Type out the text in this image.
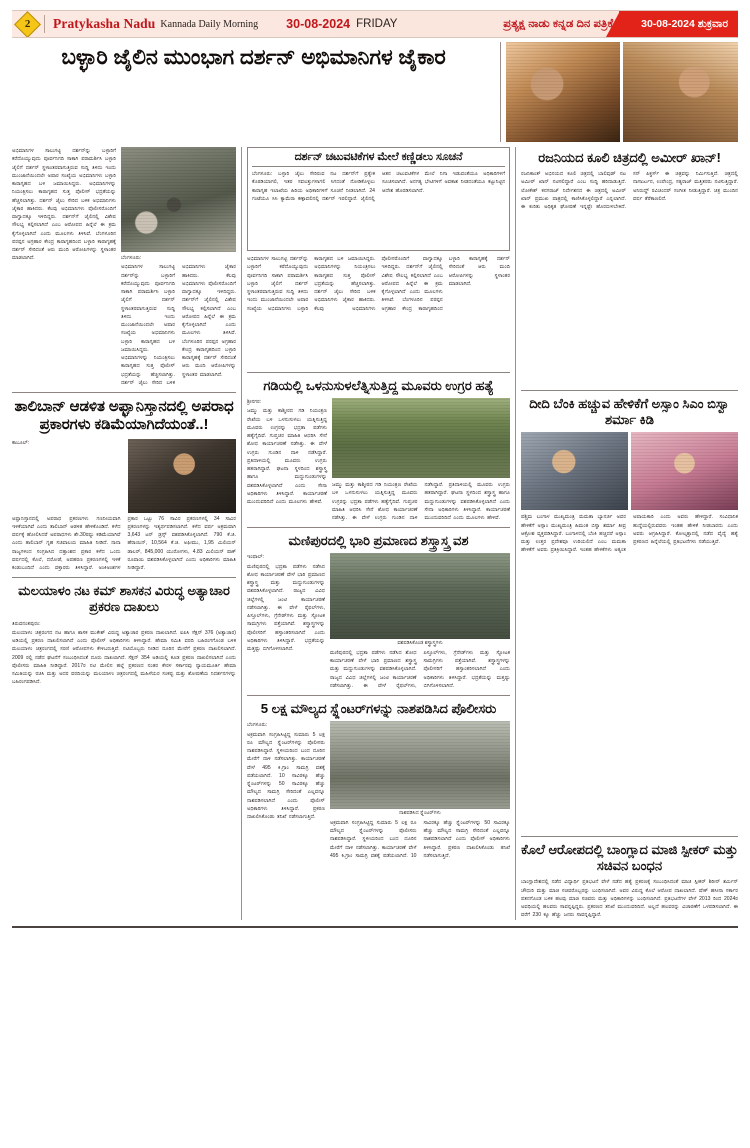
2 Pratykasha Nadu Kannada Daily Morning 30-08-2024 FRIDAY	ಪ್ರತ್ಯಕ್ಷ ನಾಡು ಕನ್ನಡ ದಿನ ಪತ್ರಿಕೆ	30-08-2024 ಶುಕ್ರವಾರ
ಬಳ್ಳಾರಿ ಜೈಲಿನ ಮುಂಭಾಗ ದರ್ಶನ್ ಅಭಿಮಾನಿಗಳ ಜೈಕಾರ
ಅಭಿಮಾನಿಗಳ ಸಾಲುಗಟ್ಟಿ ದರ್ಶನ್‌ನ್ನು ಬಳ್ಳಾರಿಗೆ ಕರೆದೊಯ್ಯುವುದು ಪೂರ್ವನಿಗದಿ ಸಾಕಾಗಿ ಪರಾಮರ್ಶಿಸಿ ಬಳ್ಳಾರಿ ಜೈಲಿಗೆ ದರ್ಶನ್ ಸ್ಥಳಾಂತರವಾಗುತ್ತಿರುವ ಸುದ್ದಿ ತಿಳಿದು ಇಂದು ಮುಂಜಾನೆಯಿಂದಲೇ ಅಪಾರ ಸಂಖ್ಯೆಯ ಅಭಿಮಾನಿಗಳು ಬಳ್ಳಾರಿ ಕಾರಾಗೃಹದ ಬಳಿ ಜಮಾಯಿಸಿದ್ದರು. ಅಭಿಮಾನಿಗಳನ್ನು ನಿಯಂತ್ರಿಸಲು ಕಾರಾಗೃಹದ ಸುತ್ತ ಪೊಲೀಸ್ ಭದ್ರತೆಯನ್ನು ಹೆಚ್ಚಿಸಲಾಗಿತ್ತು. ದರ್ಶನ್ ಜೈಲು ಸೇರಿದ ಬಳಿಕ ಅಭಿಮಾನಿಗಳು ಜೈಕಾರ ಹಾಕಿದರು. ಕೆಲವು ಅಭಿಮಾನಿಗಳು ಪೊಲೀಸರೊಂದಿಗೆ ವಾಗ್ವಾದಕ್ಕೂ ಇಳಿದಿದ್ದರು. ದರ್ಶನ್‌ಗೆ ಜೈಲಿನಲ್ಲಿ ವಿಶೇಷ ಸೌಲಭ್ಯ ಕಲ್ಪಿಸಲಾಗಿದೆ ಎಂಬ ಆರೋಪದ ಹಿನ್ನೆಲೆ ಈ ಕ್ರಮ ಕೈಗೊಳ್ಳಲಾಗಿದೆ ಎಂದು ಮೂಲಗಳು ತಿಳಿಸಿವೆ. ಬೆಂಗಳೂರಿನ ಪರಪ್ಪನ ಅಗ್ರಹಾರ ಕೇಂದ್ರ ಕಾರಾಗೃಹದಿಂದ ಬಳ್ಳಾರಿ ಕಾರಾಗೃಹಕ್ಕೆ ದರ್ಶನ್ ಸೇರಿದಂತೆ ಆರು ಮಂದಿ ಆರೋಪಿಗಳನ್ನು ಸ್ಥಳಾಂತರ ಮಾಡಲಾಗಿದೆ.	ಬೆಂಗಳೂರು:
ಅಭಿಮಾನಿಗಳ ಸಾಲುಗಟ್ಟಿ ದರ್ಶನ್‌ನ್ನು ಬಳ್ಳಾರಿಗೆ ಕರೆದೊಯ್ಯುವುದು ಪೂರ್ವನಿಗದಿ ಸಾಕಾಗಿ ಪರಾಮರ್ಶಿಸಿ ಬಳ್ಳಾರಿ ಜೈಲಿಗೆ ದರ್ಶನ್ ಸ್ಥಳಾಂತರವಾಗುತ್ತಿರುವ ಸುದ್ದಿ ತಿಳಿದು ಇಂದು ಮುಂಜಾನೆಯಿಂದಲೇ ಅಪಾರ ಸಂಖ್ಯೆಯ ಅಭಿಮಾನಿಗಳು ಬಳ್ಳಾರಿ ಕಾರಾಗೃಹದ ಬಳಿ ಜಮಾಯಿಸಿದ್ದರು. ಅಭಿಮಾನಿಗಳನ್ನು ನಿಯಂತ್ರಿಸಲು ಕಾರಾಗೃಹದ ಸುತ್ತ ಪೊಲೀಸ್ ಭದ್ರತೆಯನ್ನು ಹೆಚ್ಚಿಸಲಾಗಿತ್ತು. ದರ್ಶನ್ ಜೈಲು ಸೇರಿದ ಬಳಿಕ ಅಭಿಮಾನಿಗಳು ಜೈಕಾರ ಹಾಕಿದರು. ಕೆಲವು ಅಭಿಮಾನಿಗಳು ಪೊಲೀಸರೊಂದಿಗೆ ವಾಗ್ವಾದಕ್ಕೂ ಇಳಿದಿದ್ದರು. ದರ್ಶನ್‌ಗೆ ಜೈಲಿನಲ್ಲಿ ವಿಶೇಷ ಸೌಲಭ್ಯ ಕಲ್ಪಿಸಲಾಗಿದೆ ಎಂಬ ಆರೋಪದ ಹಿನ್ನೆಲೆ ಈ ಕ್ರಮ ಕೈಗೊಳ್ಳಲಾಗಿದೆ ಎಂದು ಮೂಲಗಳು ತಿಳಿಸಿವೆ. ಬೆಂಗಳೂರಿನ ಪರಪ್ಪನ ಅಗ್ರಹಾರ ಕೇಂದ್ರ ಕಾರಾಗೃಹದಿಂದ ಬಳ್ಳಾರಿ ಕಾರಾಗೃಹಕ್ಕೆ ದರ್ಶನ್ ಸೇರಿದಂತೆ ಆರು ಮಂದಿ ಆರೋಪಿಗಳನ್ನು ಸ್ಥಳಾಂತರ ಮಾಡಲಾಗಿದೆ.
ತಾಲಿಬಾನ್ ಆಡಳಿತ ಅಫ್ಘಾನಿಸ್ತಾನದಲ್ಲಿ ಅಪರಾಧ ಪ್ರಕಾರಗಳು ಕಡಿಮೆಯಾಗಿದೆಯಂತೆ..!
ಕಾಬೂಲ್:
ಅಫ್ಘಾನಿಸ್ತಾನದಲ್ಲಿ ಅಪರಾಧ ಪ್ರಕರಣಗಳು ಗಣನೀಯವಾಗಿ ಇಳಿಕೆಯಾಗಿವೆ ಎಂದು ತಾಲಿಬಾನ್ ಆಡಳಿತ ಹೇಳಿಕೊಂಡಿದೆ. ಕಳೆದ ವರ್ಷಕ್ಕೆ ಹೋಲಿಸಿದರೆ ಅಪರಾಧಗಳು ಶೇ.30ರಷ್ಟು ಕಡಿಮೆಯಾಗಿವೆ ಎಂದು ತಾಲಿಬಾನ್ ಗೃಹ ಸಚಿವಾಲಯ ಮಾಹಿತಿ ನೀಡಿದೆ. ನಾನಾ ರಾಜ್ಯಗಳಿಂದ ಸಂಗ್ರಹಿಸಿದ ದತ್ತಾಂಶದ ಪ್ರಕಾರ ಕಳೆದ ಒಂದು ವರ್ಷದಲ್ಲಿ ಕೊಲೆ, ದರೋಡೆ, ಅಪಹರಣ ಪ್ರಕರಣಗಳಲ್ಲಿ ಇಳಿಕೆ ಕಂಡುಬಂದಿದೆ ಎಂದು ವಕ್ತಾರರು ತಿಳಿಸಿದ್ದಾರೆ. ಅಂಕಿಅಂಶಗಳ ಪ್ರಕಾರ ಒಟ್ಟು 76 ಸಾವಿರ ಪ್ರಕರಣಗಳಲ್ಲಿ 34 ಸಾವಿರ ಪ್ರಕರಣಗಳನ್ನು ಇತ್ಯರ್ಥಪಡಿಸಲಾಗಿದೆ. ಕಳೆದ ವರ್ಷ ಅಕ್ರಮವಾಗಿ 3,643 ಟನ್ ಡ್ರಗ್ಸ್ ವಶಪಡಿಸಿಕೊಳ್ಳಲಾಗಿದೆ. 790 ಕೆ.ಜಿ. ಹೆರಾಯಿನ್, 10,564 ಕೆ.ಜಿ. ಅಫೀಮು, 1,95 ಮಿಲಿಯನ್ ಡಾಲರ್, 845,000 ಯುರೋಗಳು, 4.83 ಮಿಲಿಯನ್ ಪಾಕ್ ರೂಪಾಯಿ ವಶಪಡಿಸಿಕೊಳ್ಳಲಾಗಿದೆ ಎಂದು ಅಧಿಕಾರಿಗಳು ಮಾಹಿತಿ ನೀಡಿದ್ದಾರೆ.
ಮಲಯಾಳಂ ನಟ ಕಮ್ ಶಾಸಕನ ವಿರುದ್ಧ ಅತ್ಯಾಚಾರ ಪ್ರಕರಣ ದಾಖಲು
ತಿರುವನಂತಪುರಂ:
ಮಲಯಾಳಂ ಚಿತ್ರರಂಗದ ನಟ ಹಾಗೂ ಶಾಸಕ ಮುಕೇಶ್ ವಿರುದ್ಧ ಅತ್ಯಾಚಾರ ಪ್ರಕರಣ ದಾಖಲಾಗಿದೆ. ಐಪಿಸಿ ಸೆಕ್ಷನ್ 376 (ಅತ್ಯಾಚಾರ) ಅಡಿಯಲ್ಲಿ ಪ್ರಕರಣ ದಾಖಲಿಸಲಾಗಿದೆ ಎಂದು ಪೊಲೀಸ್ ಅಧಿಕಾರಿಗಳು ತಿಳಿಸಿದ್ದಾರೆ. ಹೇಮಾ ಸಮಿತಿ ವರದಿ ಬಹಿರಂಗಗೊಂಡ ಬಳಿಕ ಮಲಯಾಳಂ ಚಿತ್ರರಂಗದಲ್ಲಿ ಸರಣಿ ಆರೋಪಗಳು ಕೇಳಿಬರುತ್ತಿವೆ. ನಟಿಯೊಬ್ಬರು ನೀಡಿದ ದೂರಿನ ಮೇರೆಗೆ ಪ್ರಕರಣ ದಾಖಲಿಸಲಾಗಿದೆ. 2009 ರಲ್ಲಿ ನಡೆದ ಘಟನೆಗೆ ಸಂಬಂಧಿಸಿದಂತೆ ದೂರು ದಾಖಲಾಗಿದೆ. ಸೆಕ್ಷನ್ 354 ಅಡಿಯಲ್ಲಿ ಕೂಡ ಪ್ರಕರಣ ದಾಖಲಿಸಲಾಗಿದೆ ಎಂದು ಪೊಲೀಸರು ಮಾಹಿತಿ ನೀಡಿದ್ದಾರೆ. 2017ರ ನಟಿ ಮೇಲಿನ ಹಲ್ಲೆ ಪ್ರಕರಣದ ನಂತರ ಕೇರಳ ಸರ್ಕಾರವು ನ್ಯಾಯಮೂರ್ತಿ ಹೇಮಾ ಸಮಿತಿಯನ್ನು ರಚಿಸಿ ಮತ್ತು ಅದರ ವರದಿಯನ್ನು ಮಲಯಾಳಂ ಚಿತ್ರರಂಗದಲ್ಲಿ ಮಹಿಳೆಯರ ಸಂಕಷ್ಟ ಮತ್ತು ಶೋಷಣೆಯ ನಿದರ್ಶನಗಳನ್ನು ಬಹಿರಂಗಪಡಿಸಿದೆ.
ದರ್ಶನ್ ಚಟುವಟಿಕೆಗಳ ಮೇಲೆ ಕಣ್ಣಿಡಲು ಸೂಚನೆ
ಬೆಂಗಳೂರು: ಬಳ್ಳಾರಿ ಜೈಲು ಸೇರಿರುವ ನಟ ದರ್ಶನ್‌ಗೆ ಪ್ರತ್ಯೇಕ ಕೊಠಡಿಯಾಗಲಿ, ಇತರ ಸವಲತ್ತುಗಳಾಗಲಿ ಸಿಗದಂತೆ ನೋಡಿಕೊಳ್ಳಲು ಕಾರಾಗೃಹ ಇಲಾಖೆಯ ಹಿರಿಯ ಅಧಿಕಾರಿಗಳಿಗೆ ಸೂಚನೆ ನೀಡಲಾಗಿದೆ. 24 ಗಂಟೆಯೂ ಸಿಸಿ ಕ್ಯಾಮೆರಾ ಕಣ್ಗಾವಲಿನಲ್ಲಿ ದರ್ಶನ್ ಇರಲಿದ್ದಾರೆ. ಜೈಲಿನಲ್ಲಿ ಆತನ ಚಟುವಟಿಕೆಗಳ ಮೇಲೆ ನಿಗಾ ಇಡುವಂತೆಯೂ ಅಧಿಕಾರಿಗಳಿಗೆ ಸೂಚಿಸಲಾಗಿದೆ. ಅನಗತ್ಯ ಭೇಟಿಗಳಿಗೆ ಅವಕಾಶ ನೀಡದಂತೆಯೂ ಕಟ್ಟುನಿಟ್ಟಿನ ಆದೇಶ ಹೊರಡಿಸಲಾಗಿದೆ.
ಅಭಿಮಾನಿಗಳ ಸಾಲುಗಟ್ಟಿ ದರ್ಶನ್‌ನ್ನು ಬಳ್ಳಾರಿಗೆ ಕರೆದೊಯ್ಯುವುದು ಪೂರ್ವನಿಗದಿ ಸಾಕಾಗಿ ಪರಾಮರ್ಶಿಸಿ ಬಳ್ಳಾರಿ ಜೈಲಿಗೆ ದರ್ಶನ್ ಸ್ಥಳಾಂತರವಾಗುತ್ತಿರುವ ಸುದ್ದಿ ತಿಳಿದು ಇಂದು ಮುಂಜಾನೆಯಿಂದಲೇ ಅಪಾರ ಸಂಖ್ಯೆಯ ಅಭಿಮಾನಿಗಳು ಬಳ್ಳಾರಿ ಕಾರಾಗೃಹದ ಬಳಿ ಜಮಾಯಿಸಿದ್ದರು. ಅಭಿಮಾನಿಗಳನ್ನು ನಿಯಂತ್ರಿಸಲು ಕಾರಾಗೃಹದ ಸುತ್ತ ಪೊಲೀಸ್ ಭದ್ರತೆಯನ್ನು ಹೆಚ್ಚಿಸಲಾಗಿತ್ತು. ದರ್ಶನ್ ಜೈಲು ಸೇರಿದ ಬಳಿಕ ಅಭಿಮಾನಿಗಳು ಜೈಕಾರ ಹಾಕಿದರು. ಕೆಲವು ಅಭಿಮಾನಿಗಳು ಪೊಲೀಸರೊಂದಿಗೆ ವಾಗ್ವಾದಕ್ಕೂ ಇಳಿದಿದ್ದರು. ದರ್ಶನ್‌ಗೆ ಜೈಲಿನಲ್ಲಿ ವಿಶೇಷ ಸೌಲಭ್ಯ ಕಲ್ಪಿಸಲಾಗಿದೆ ಎಂಬ ಆರೋಪದ ಹಿನ್ನೆಲೆ ಈ ಕ್ರಮ ಕೈಗೊಳ್ಳಲಾಗಿದೆ ಎಂದು ಮೂಲಗಳು ತಿಳಿಸಿವೆ. ಬೆಂಗಳೂರಿನ ಪರಪ್ಪನ ಅಗ್ರಹಾರ ಕೇಂದ್ರ ಕಾರಾಗೃಹದಿಂದ ಬಳ್ಳಾರಿ ಕಾರಾಗೃಹಕ್ಕೆ ದರ್ಶನ್ ಸೇರಿದಂತೆ ಆರು ಮಂದಿ ಆರೋಪಿಗಳನ್ನು ಸ್ಥಳಾಂತರ ಮಾಡಲಾಗಿದೆ.
ಗಡಿಯಲ್ಲಿ ಒಳನುಸುಳಲೆತ್ನಿಸುತ್ತಿದ್ದ ಮೂವರು ಉಗ್ರರ ಹತ್ಯೆ
ಶ್ರೀನಗರ:
ಜಮ್ಮು ಮತ್ತು ಕಾಶ್ಮೀರದ ಗಡಿ ನಿಯಂತ್ರಣ ರೇಖೆಯ ಬಳಿ ಒಳನುಸುಳಲು ಯತ್ನಿಸುತ್ತಿದ್ದ ಮೂವರು ಉಗ್ರರನ್ನು ಭದ್ರತಾ ಪಡೆಗಳು ಹತ್ಯೆಗೈದಿವೆ. ಗುಪ್ತಚರ ಮಾಹಿತಿ ಆಧರಿಸಿ ಸೇನೆ ಶೋಧ ಕಾರ್ಯಾಚರಣೆ ನಡೆಸಿತ್ತು. ಈ ವೇಳೆ ಉಗ್ರರು ಗುಂಡಿನ ದಾಳಿ ನಡೆಸಿದ್ದಾರೆ. ಪ್ರತಿದಾಳಿಯಲ್ಲಿ ಮೂವರು ಉಗ್ರರು ಹತರಾಗಿದ್ದಾರೆ. ಘಟನಾ ಸ್ಥಳದಿಂದ ಶಸ್ತ್ರಾಸ್ತ್ರ ಹಾಗೂ ಮದ್ದುಗುಂಡುಗಳನ್ನು ವಶಪಡಿಸಿಕೊಳ್ಳಲಾಗಿದೆ ಎಂದು ಸೇನಾ ಅಧಿಕಾರಿಗಳು ತಿಳಿಸಿದ್ದಾರೆ. ಕಾರ್ಯಾಚರಣೆ ಮುಂದುವರಿದಿದೆ ಎಂದು ಮೂಲಗಳು ಹೇಳಿವೆ.
ಜಮ್ಮು ಮತ್ತು ಕಾಶ್ಮೀರದ ಗಡಿ ನಿಯಂತ್ರಣ ರೇಖೆಯ ಬಳಿ ಒಳನುಸುಳಲು ಯತ್ನಿಸುತ್ತಿದ್ದ ಮೂವರು ಉಗ್ರರನ್ನು ಭದ್ರತಾ ಪಡೆಗಳು ಹತ್ಯೆಗೈದಿವೆ. ಗುಪ್ತಚರ ಮಾಹಿತಿ ಆಧರಿಸಿ ಸೇನೆ ಶೋಧ ಕಾರ್ಯಾಚರಣೆ ನಡೆಸಿತ್ತು. ಈ ವೇಳೆ ಉಗ್ರರು ಗುಂಡಿನ ದಾಳಿ ನಡೆಸಿದ್ದಾರೆ. ಪ್ರತಿದಾಳಿಯಲ್ಲಿ ಮೂವರು ಉಗ್ರರು ಹತರಾಗಿದ್ದಾರೆ. ಘಟನಾ ಸ್ಥಳದಿಂದ ಶಸ್ತ್ರಾಸ್ತ್ರ ಹಾಗೂ ಮದ್ದುಗುಂಡುಗಳನ್ನು ವಶಪಡಿಸಿಕೊಳ್ಳಲಾಗಿದೆ ಎಂದು ಸೇನಾ ಅಧಿಕಾರಿಗಳು ತಿಳಿಸಿದ್ದಾರೆ. ಕಾರ್ಯಾಚರಣೆ ಮುಂದುವರಿದಿದೆ ಎಂದು ಮೂಲಗಳು ಹೇಳಿವೆ.
ಮಣಿಪುರದಲ್ಲಿ ಭಾರಿ ಪ್ರಮಾಣದ ಶಸ್ತ್ರಾಸ್ತ್ರ ವಶ
ಇಂಫಾಲ್:
ಮಣಿಪುರದಲ್ಲಿ ಭದ್ರತಾ ಪಡೆಗಳು ನಡೆಸಿದ ಶೋಧ ಕಾರ್ಯಾಚರಣೆ ವೇಳೆ ಭಾರಿ ಪ್ರಮಾಣದ ಶಸ್ತ್ರಾಸ್ತ್ರ ಮತ್ತು ಮದ್ದುಗುಂಡುಗಳನ್ನು ವಶಪಡಿಸಿಕೊಳ್ಳಲಾಗಿದೆ. ರಾಜ್ಯದ ವಿವಿಧ ಜಿಲ್ಲೆಗಳಲ್ಲಿ ಜಂಟಿ ಕಾರ್ಯಾಚರಣೆ ನಡೆಸಲಾಗಿತ್ತು. ಈ ವೇಳೆ ರೈಫಲ್‌ಗಳು, ಪಿಸ್ತೂಲ್‌ಗಳು, ಗ್ರೆನೇಡ್‌ಗಳು ಮತ್ತು ಸ್ಫೋಟಕ ಸಾಮಗ್ರಿಗಳು ಪತ್ತೆಯಾಗಿವೆ. ಶಸ್ತ್ರಾಸ್ತ್ರಗಳನ್ನು ಪೊಲೀಸರಿಗೆ ಹಸ್ತಾಂತರಿಸಲಾಗಿದೆ ಎಂದು ಅಧಿಕಾರಿಗಳು ತಿಳಿಸಿದ್ದಾರೆ. ಭದ್ರತೆಯನ್ನು ಮತ್ತಷ್ಟು ಬಿಗಿಗೊಳಿಸಲಾಗಿದೆ.
ವಶಪಡಿಸಿಕೊಂಡ ಶಸ್ತ್ರಾಸ್ತ್ರಗಳು
ಮಣಿಪುರದಲ್ಲಿ ಭದ್ರತಾ ಪಡೆಗಳು ನಡೆಸಿದ ಶೋಧ ಕಾರ್ಯಾಚರಣೆ ವೇಳೆ ಭಾರಿ ಪ್ರಮಾಣದ ಶಸ್ತ್ರಾಸ್ತ್ರ ಮತ್ತು ಮದ್ದುಗುಂಡುಗಳನ್ನು ವಶಪಡಿಸಿಕೊಳ್ಳಲಾಗಿದೆ. ರಾಜ್ಯದ ವಿವಿಧ ಜಿಲ್ಲೆಗಳಲ್ಲಿ ಜಂಟಿ ಕಾರ್ಯಾಚರಣೆ ನಡೆಸಲಾಗಿತ್ತು. ಈ ವೇಳೆ ರೈಫಲ್‌ಗಳು, ಪಿಸ್ತೂಲ್‌ಗಳು, ಗ್ರೆನೇಡ್‌ಗಳು ಮತ್ತು ಸ್ಫೋಟಕ ಸಾಮಗ್ರಿಗಳು ಪತ್ತೆಯಾಗಿವೆ. ಶಸ್ತ್ರಾಸ್ತ್ರಗಳನ್ನು ಪೊಲೀಸರಿಗೆ ಹಸ್ತಾಂತರಿಸಲಾಗಿದೆ ಎಂದು ಅಧಿಕಾರಿಗಳು ತಿಳಿಸಿದ್ದಾರೆ. ಭದ್ರತೆಯನ್ನು ಮತ್ತಷ್ಟು ಬಿಗಿಗೊಳಿಸಲಾಗಿದೆ.
5 ಲಕ್ಷ ಮೌಲ್ಯದ ಸ್ಪ್ಲೆಂಟರ್‌ಗಳನ್ನು ನಾಶಪಡಿಸಿದ ಪೊಲೀಸರು
ಬೆಂಗಳೂರು:
ಅಕ್ರಮವಾಗಿ ಸಂಗ್ರಹಿಸಿಟ್ಟಿದ್ದ ಸುಮಾರು 5 ಲಕ್ಷ ರೂ ಮೌಲ್ಯದ ಸ್ಪ್ಲೆಂಟರ್‌ಗಳನ್ನು ಪೊಲೀಸರು ನಾಶಪಡಿಸಿದ್ದಾರೆ. ಸ್ಥಳೀಯರಿಂದ ಬಂದ ದೂರಿನ ಮೇರೆಗೆ ದಾಳಿ ನಡೆಸಲಾಗಿತ್ತು. ಕಾರ್ಯಾಚರಣೆ ವೇಳೆ 495 ಕಿ.ಗ್ರಾಂ ಸಾಮಗ್ರಿ ವಶಕ್ಕೆ ಪಡೆಯಲಾಗಿದೆ. 10 ಸಾವಿರಕ್ಕೂ ಹೆಚ್ಚು ಸ್ಪ್ಲೆಂಟರ್‌ಗಳನ್ನು 50 ಸಾವಿರಕ್ಕೂ ಹೆಚ್ಚು ಮೌಲ್ಯದ ಸಾಮಗ್ರಿ ಸೇರಿದಂತೆ ಎಲ್ಲವನ್ನೂ ನಾಶಪಡಿಸಲಾಗಿದೆ ಎಂದು ಪೊಲೀಸ್ ಅಧಿಕಾರಿಗಳು ತಿಳಿಸಿದ್ದಾರೆ. ಪ್ರಕರಣ ದಾಖಲಿಸಿಕೊಂಡು ತನಿಖೆ ನಡೆಸಲಾಗುತ್ತಿದೆ.
ನಾಶಪಡಿಸಿದ ಸ್ಪ್ಲೆಂಟರ್‌ಗಳು
ಅಕ್ರಮವಾಗಿ ಸಂಗ್ರಹಿಸಿಟ್ಟಿದ್ದ ಸುಮಾರು 5 ಲಕ್ಷ ರೂ ಮೌಲ್ಯದ ಸ್ಪ್ಲೆಂಟರ್‌ಗಳನ್ನು ಪೊಲೀಸರು ನಾಶಪಡಿಸಿದ್ದಾರೆ. ಸ್ಥಳೀಯರಿಂದ ಬಂದ ದೂರಿನ ಮೇರೆಗೆ ದಾಳಿ ನಡೆಸಲಾಗಿತ್ತು. ಕಾರ್ಯಾಚರಣೆ ವೇಳೆ 495 ಕಿ.ಗ್ರಾಂ ಸಾಮಗ್ರಿ ವಶಕ್ಕೆ ಪಡೆಯಲಾಗಿದೆ. 10 ಸಾವಿರಕ್ಕೂ ಹೆಚ್ಚು ಸ್ಪ್ಲೆಂಟರ್‌ಗಳನ್ನು 50 ಸಾವಿರಕ್ಕೂ ಹೆಚ್ಚು ಮೌಲ್ಯದ ಸಾಮಗ್ರಿ ಸೇರಿದಂತೆ ಎಲ್ಲವನ್ನೂ ನಾಶಪಡಿಸಲಾಗಿದೆ ಎಂದು ಪೊಲೀಸ್ ಅಧಿಕಾರಿಗಳು ತಿಳಿಸಿದ್ದಾರೆ. ಪ್ರಕರಣ ದಾಖಲಿಸಿಕೊಂಡು ತನಿಖೆ ನಡೆಸಲಾಗುತ್ತಿದೆ.
ರಜನಿಯದ ಕೂಲಿ ಚಿತ್ರದಲ್ಲಿ ಅಮೀರ್ ಖಾನ್!
ರಜನಿಕಾಂತ್ ಅಭಿನಯದ ಕೂಲಿ ಚಿತ್ರದಲ್ಲಿ ಬಾಲಿವುಡ್ ನಟ ಅಮೀರ್ ಖಾನ್ ನಟಿಸಲಿದ್ದಾರೆ ಎಂಬ ಸುದ್ದಿ ಹರಿದಾಡುತ್ತಿದೆ. ಲೋಕೇಶ್ ಕನಗರಾಜ್ ನಿರ್ದೇಶನದ ಈ ಚಿತ್ರದಲ್ಲಿ ಅಮೀರ್ ಖಾನ್ ಪ್ರಮುಖ ಪಾತ್ರದಲ್ಲಿ ಕಾಣಿಸಿಕೊಳ್ಳಲಿದ್ದಾರೆ ಎನ್ನಲಾಗಿದೆ. ಈ ಕುರಿತು ಅಧಿಕೃತ ಘೋಷಣೆ ಇನ್ನಷ್ಟೇ ಹೊರಬೀಳಬೇಕಿದೆ. ಸನ್ ಪಿಕ್ಚರ್ಸ್ ಈ ಚಿತ್ರವನ್ನು ನಿರ್ಮಿಸುತ್ತಿದೆ. ಚಿತ್ರದಲ್ಲಿ ನಾಗಾರ್ಜುನ, ಉಪೇಂದ್ರ, ಸತ್ಯರಾಜ್ ಮತ್ತಿತರರು ನಟಿಸುತ್ತಿದ್ದಾರೆ. ಅನಿರುದ್ಧ್ ರವಿಚಂದರ್ ಸಂಗೀತ ನೀಡುತ್ತಿದ್ದಾರೆ. ಚಿತ್ರ ಮುಂದಿನ ವರ್ಷ ತೆರೆಕಾಣಲಿದೆ.
ದೀದಿ ಬೆಂಕಿ ಹಚ್ಚುವ ಹೇಳಿಕೆಗೆ ಅಸ್ಸಾಂ ಸಿಎಂ ಬಿಸ್ವಾ ಶರ್ಮಾ ಕಿಡಿ
ಪಶ್ಚಿಮ ಬಂಗಾಳ ಮುಖ್ಯಮಂತ್ರಿ ಮಮತಾ ಬ್ಯಾನರ್ಜಿ ಅವರ ಹೇಳಿಕೆಗೆ ಅಸ್ಸಾಂ ಮುಖ್ಯಮಂತ್ರಿ ಹಿಮಂತ ಬಿಸ್ವಾ ಶರ್ಮಾ ತೀವ್ರ ಆಕ್ರೋಶ ವ್ಯಕ್ತಪಡಿಸಿದ್ದಾರೆ. ಬಂಗಾಳದಲ್ಲಿ ಬೆಂಕಿ ಹಚ್ಚಿದರೆ ಅಸ್ಸಾಂ ಮತ್ತು ಉತ್ತರ ಪ್ರದೇಶವೂ ಉರಿಯಲಿದೆ ಎಂಬ ಮಮತಾ ಹೇಳಿಕೆಗೆ ಅವರು ಪ್ರತಿಕ್ರಿಯಿಸಿದ್ದಾರೆ. ಇಂತಹ ಹೇಳಿಕೆಗಳು ಅತ್ಯಂತ ಅಪಾಯಕಾರಿ ಎಂದು ಅವರು ಹೇಳಿದ್ದಾರೆ. ಸಂವಿಧಾನಿಕ ಹುದ್ದೆಯಲ್ಲಿರುವವರು ಇಂತಹ ಹೇಳಿಕೆ ನೀಡಬಾರದು ಎಂದು ಅವರು ಆಗ್ರಹಿಸಿದ್ದಾರೆ. ಕೋಲ್ಕತ್ತಾದಲ್ಲಿ ನಡೆದ ವೈದ್ಯೆ ಹತ್ಯೆ ಪ್ರಕರಣದ ಹಿನ್ನೆಲೆಯಲ್ಲಿ ಪ್ರತಿಭಟನೆಗಳು ನಡೆಯುತ್ತಿವೆ.
ಕೊಲೆ ಆರೋಪದಲ್ಲಿ ಬಾಂಗ್ಲಾದ ಮಾಜಿ ಸ್ಪೀಕರ್ ಮತ್ತು ಸಚಿವನ ಬಂಧನ
ಬಾಂಗ್ಲಾದೇಶದಲ್ಲಿ ನಡೆದ ವಿದ್ಯಾರ್ಥಿ ಪ್ರತಿಭಟನೆ ವೇಳೆ ನಡೆದ ಹತ್ಯೆ ಪ್ರಕರಣಕ್ಕೆ ಸಂಬಂಧಿಸಿದಂತೆ ಮಾಜಿ ಸ್ಪೀಕರ್ ಶಿರೀನ್ ಶರ್ಮಿನ್ ಚೌಧುರಿ ಮತ್ತು ಮಾಜಿ ಸಚಿವರೊಬ್ಬರನ್ನು ಬಂಧಿಸಲಾಗಿದೆ. ಅವರ ವಿರುದ್ಧ ಕೊಲೆ ಆರೋಪ ದಾಖಲಾಗಿದೆ. ಷೇಕ್ ಹಸೀನಾ ಸರ್ಕಾರ ಪತನಗೊಂಡ ಬಳಿಕ ಹಲವು ಮಾಜಿ ಸಚಿವರು ಮತ್ತು ಅಧಿಕಾರಿಗಳನ್ನು ಬಂಧಿಸಲಾಗಿದೆ. ಪ್ರತಿಭಟನೆಗಳ ವೇಳೆ 2013 ರಿಂದ 2024ರ ಅವಧಿಯಲ್ಲಿ ಹಲವರು ಸಾವನ್ನಪ್ಪಿದ್ದರು. ಪ್ರಕರಣದ ತನಿಖೆ ಮುಂದುವರಿದಿದೆ. ಅಲ್ಲದೆ ಹಲವರನ್ನು ವಿಚಾರಣೆಗೆ ಒಳಪಡಿಸಲಾಗಿದೆ. ಈ ವರೆಗೆ 230 ಕ್ಕೂ ಹೆಚ್ಚು ಜನರು ಸಾವನ್ನಪ್ಪಿದ್ದಾರೆ.
